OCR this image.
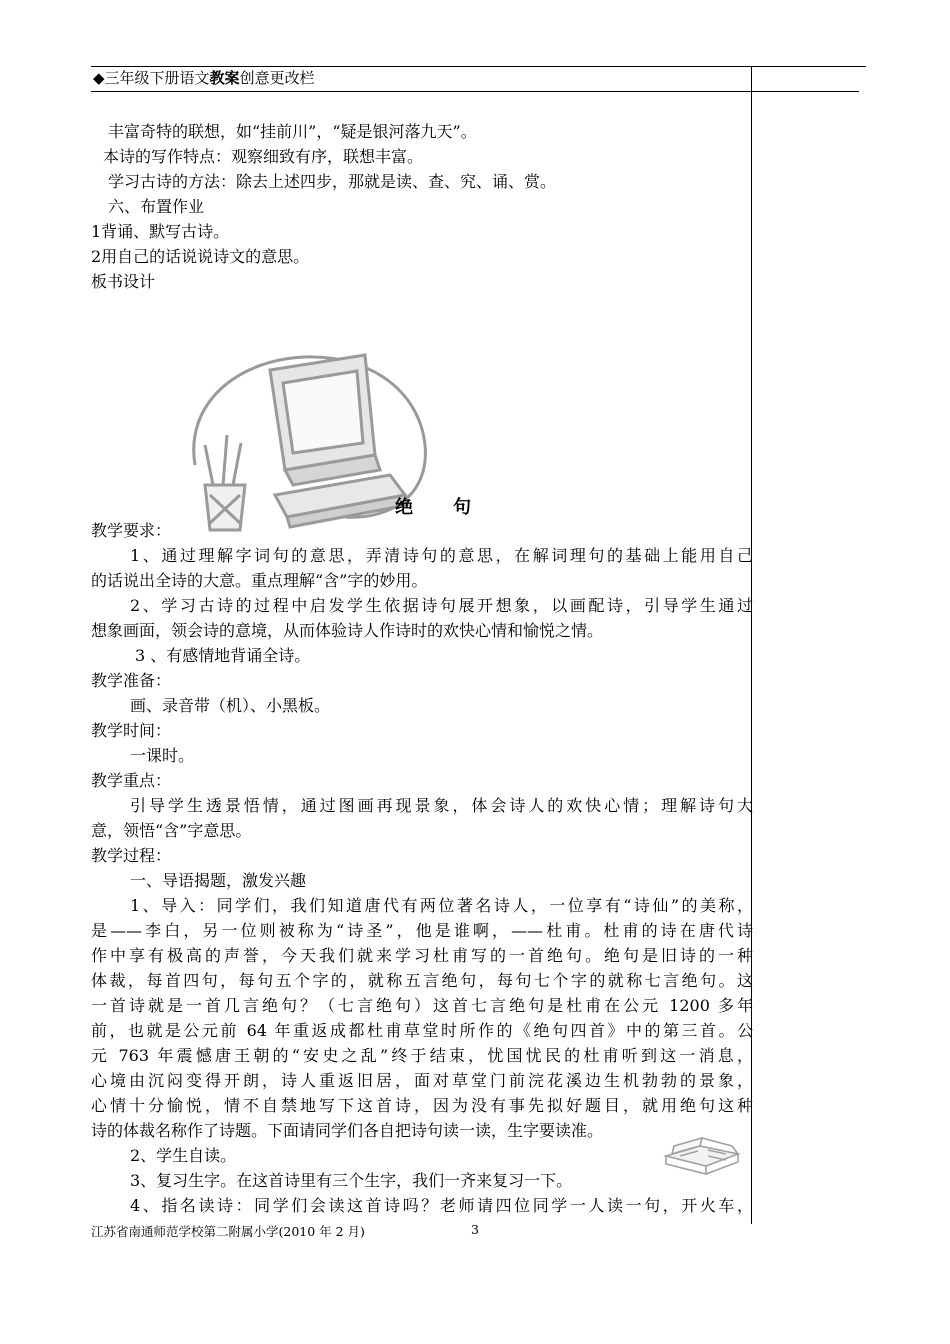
◆三年级下册语文教案创意更改栏
丰富奇特的联想，如“挂前川”，“疑是银河落九天”。
本诗的写作特点：观察细致有序，联想丰富。
学习古诗的方法：除去上述四步，那就是读、查、究、诵、赏。
六、布置作业
1背诵、默写古诗。
2用自己的话说说诗文的意思。
板书设计
绝句
教学要求：
1、通过理解字词句的意思，弄清诗句的意思，在解词理句的基础上能用自己
的话说出全诗的大意。重点理解“含”字的妙用。
2、学习古诗的过程中启发学生依据诗句展开想象，以画配诗，引导学生通过
想象画面，领会诗的意境，从而体验诗人作诗时的欢快心情和愉悦之情。
3 、有感情地背诵全诗。
教学准备：
画、录音带（机）、小黑板。
教学时间：
一课时。
教学重点：
引导学生透景悟情，通过图画再现景象，体会诗人的欢快心情；理解诗句大
意，领悟“含”字意思。
教学过程：
一、导语揭题，激发兴趣
1、导入：同学们，我们知道唐代有两位著名诗人，一位享有“诗仙”的美称，
是——李白，另一位则被称为“诗圣”，他是谁啊，——杜甫。杜甫的诗在唐代诗
作中享有极高的声誉，今天我们就来学习杜甫写的一首绝句。绝句是旧诗的一种
体裁，每首四句，每句五个字的，就称五言绝句，每句七个字的就称七言绝句。这
一首诗就是一首几言绝句？（七言绝句）这首七言绝句是杜甫在公元 1200 多年
前，也就是公元前 64 年重返成都杜甫草堂时所作的《绝句四首》中的第三首。公
元 763 年震憾唐王朝的“安史之乱”终于结束，忧国忧民的杜甫听到这一消息，
心境由沉闷变得开朗，诗人重返旧居，面对草堂门前浣花溪边生机勃勃的景象，
心情十分愉悦，情不自禁地写下这首诗，因为没有事先拟好题目，就用绝句这种
诗的体裁名称作了诗题。下面请同学们各自把诗句读一读，生字要读准。
2、学生自读。
3、复习生字。在这首诗里有三个生字，我们一齐来复习一下。
4、指名读诗：同学们会读这首诗吗？老师请四位同学一人读一句，开火车，
江苏省南通师范学校第二附属小学(2010 年 2 月)	3
